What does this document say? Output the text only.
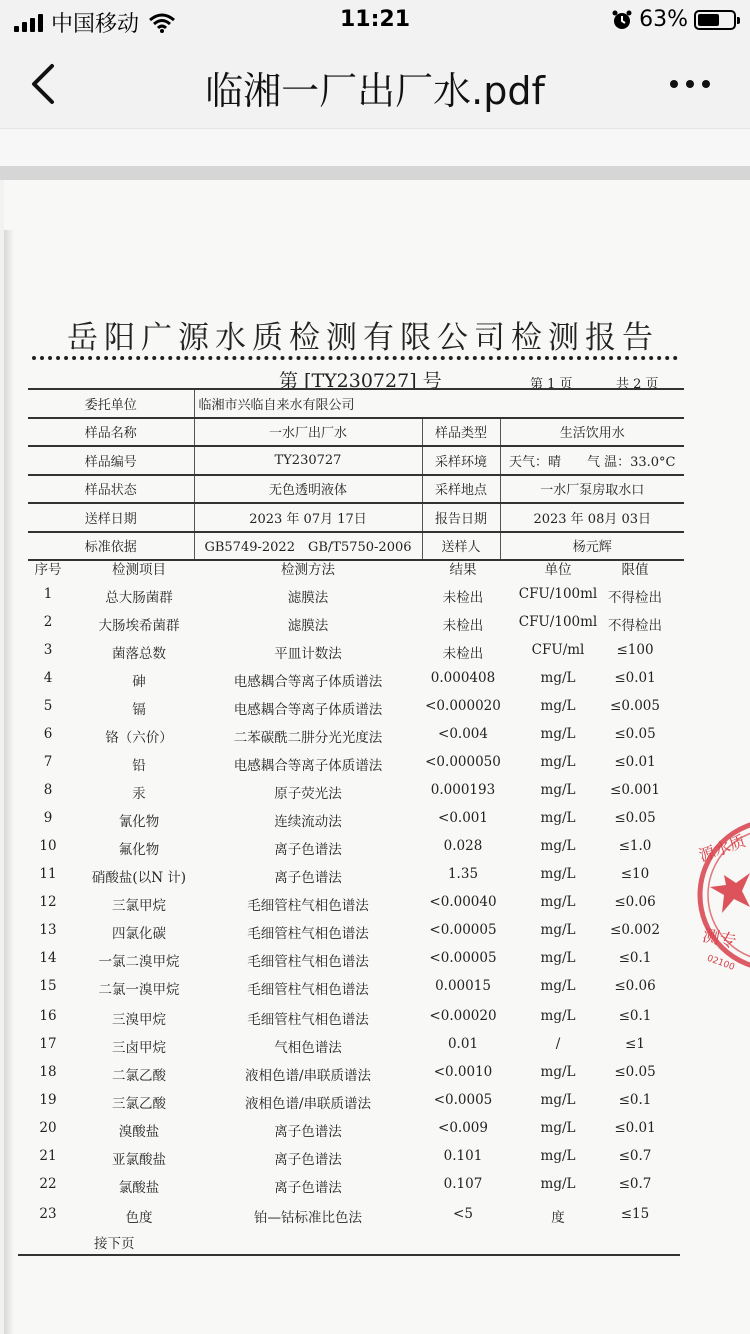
中国移动	11:21	63%
临湘一厂出厂水.pdf
岳阳广源水质检测有限公司检测报告
第 [TY230727] 号	第 1 页	共 2 页
委托单位	临湘市兴临自来水有限公司		
样品名称	一水厂出厂水	样品类型	生活饮用水
样品编号	TY230727	采样环境	天气：晴　　气 温：33.0°C
样品状态	无色透明液体	采样地点	一水厂泵房取水口
送样日期	2023 年 07月 17日	报告日期	2023 年 08月 03日
标准依据	GB5749-2022　GB/T5750-2006	送样人	杨元辉
序号	检测项目	检测方法	结果	单位	限值
1	总大肠菌群	滤膜法	未检出	CFU/100ml 不得检出
2	大肠埃希菌群	滤膜法	未检出	CFU/100ml 不得检出
3	菌落总数	平皿计数法	未检出	CFU/ml	≤100
4	砷	电感耦合等离子体质谱法	0.000408	mg/L	≤0.01
5	镉	电感耦合等离子体质谱法	<0.000020	mg/L	≤0.005
6	铬（六价）	二苯碳酰二肼分光光度法	<0.004	mg/L	≤0.05
7	铅	电感耦合等离子体质谱法	<0.000050	mg/L	≤0.01
8	汞	原子荧光法	0.000193	mg/L	≤0.001
9	氰化物	连续流动法	<0.001	mg/L	≤0.05
10	氟化物	离子色谱法	0.028	mg/L	≤1.0
11	硝酸盐(以N 计)	离子色谱法	1.35	mg/L	≤10
12	三氯甲烷	毛细管柱气相色谱法	<0.00040	mg/L	≤0.06
13	四氯化碳	毛细管柱气相色谱法	<0.00005	mg/L	≤0.002
14	一氯二溴甲烷	毛细管柱气相色谱法	<0.00005	mg/L	≤0.1
15	二氯一溴甲烷	毛细管柱气相色谱法	0.00015	mg/L	≤0.06
16	三溴甲烷	毛细管柱气相色谱法	<0.00020	mg/L	≤0.1
17	三卤甲烷	气相色谱法	0.01	/	≤1
18	二氯乙酸	液相色谱/串联质谱法	<0.0010	mg/L	≤0.05
19	三氯乙酸	液相色谱/串联质谱法	<0.0005	mg/L	≤0.1
20	溴酸盐	离子色谱法	<0.009	mg/L	≤0.01
21	亚氯酸盐	离子色谱法	0.101	mg/L	≤0.7
22	氯酸盐	离子色谱法	0.107	mg/L	≤0.7
23	色度	铂—钴标准比色法	<5	度	≤15
接下页
源水质
测专
02100
